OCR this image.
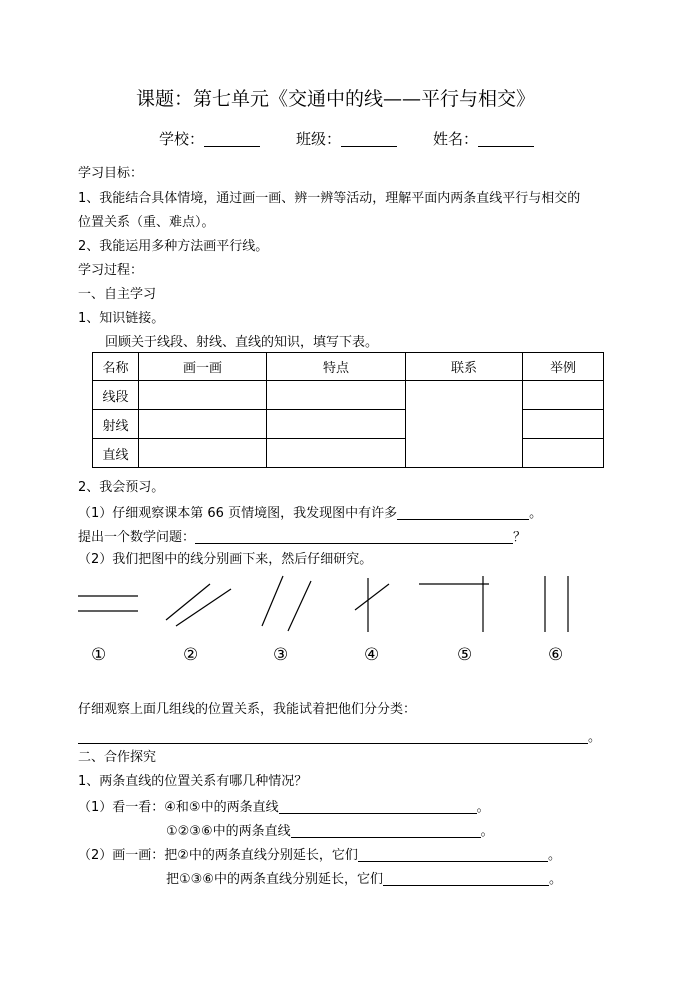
课题：第七单元《交通中的线——平行与相交》
学校：	班级：	姓名：
学习目标：
1、我能结合具体情境，通过画一画、辨一辨等活动，理解平面内两条直线平行与相交的
位置关系（重、难点）。
2、我能运用多种方法画平行线。
学习过程：
一、自主学习
1、知识链接。
回顾关于线段、射线、直线的知识，填写下表。
名称	画一画	特点	联系	举例
线段				
射线				
直线				
2、我会预习。
（1）仔细观察课本第 66 页情境图，我发现图中有许多	。
提出一个数学问题：	？
（2）我们把图中的线分别画下来，然后仔细研究。
①	②	③	④	⑤	⑥
仔细观察上面几组线的位置关系，我能试着把他们分分类：
。
二、合作探究
1、两条直线的位置关系有哪几种情况？
（1）看一看：④和⑤中的两条直线	。
①②③⑥中的两条直线	。
（2）画一画：把②中的两条直线分别延长，它们	。
把①③⑥中的两条直线分别延长，它们	。
